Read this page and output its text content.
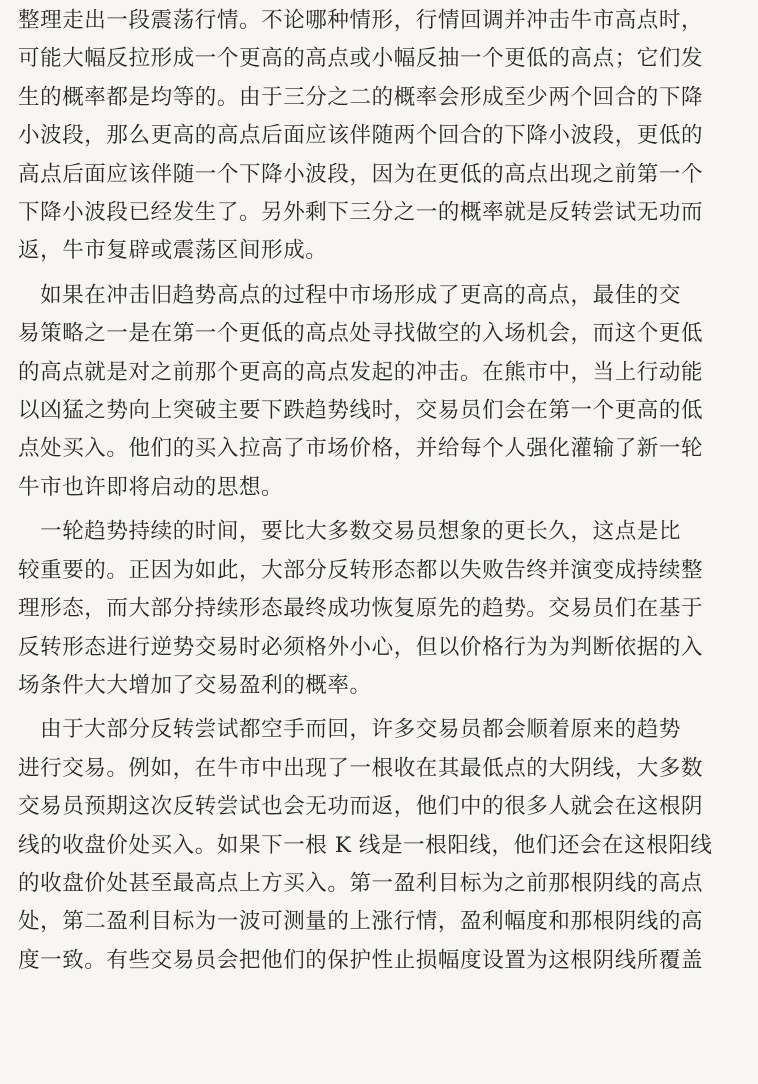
整理走出一段震荡行情。不论哪种情形，行情回调并冲击牛市高点时，
可能大幅反拉形成一个更高的高点或小幅反抽一个更低的高点；它们发
生的概率都是均等的。由于三分之二的概率会形成至少两个回合的下降
小波段，那么更高的高点后面应该伴随两个回合的下降小波段，更低的
高点后面应该伴随一个下降小波段，因为在更低的高点出现之前第一个
下降小波段已经发生了。另外剩下三分之一的概率就是反转尝试无功而
返，牛市复辟或震荡区间形成。
　如果在冲击旧趋势高点的过程中市场形成了更高的高点，最佳的交
易策略之一是在第一个更低的高点处寻找做空的入场机会，而这个更低
的高点就是对之前那个更高的高点发起的冲击。在熊市中，当上行动能
以凶猛之势向上突破主要下跌趋势线时，交易员们会在第一个更高的低
点处买入。他们的买入拉高了市场价格，并给每个人强化灌输了新一轮
牛市也许即将启动的思想。
　一轮趋势持续的时间，要比大多数交易员想象的更长久，这点是比
较重要的。正因为如此，大部分反转形态都以失败告终并演变成持续整
理形态，而大部分持续形态最终成功恢复原先的趋势。交易员们在基于
反转形态进行逆势交易时必须格外小心，但以价格行为为判断依据的入
场条件大大增加了交易盈利的概率。
　由于大部分反转尝试都空手而回，许多交易员都会顺着原来的趋势
进行交易。例如，在牛市中出现了一根收在其最低点的大阴线，大多数
交易员预期这次反转尝试也会无功而返，他们中的很多人就会在这根阴
线的收盘价处买入。如果下一根 K 线是一根阳线，他们还会在这根阳线
的收盘价处甚至最高点上方买入。第一盈利目标为之前那根阴线的高点
处，第二盈利目标为一波可测量的上涨行情，盈利幅度和那根阴线的高
度一致。有些交易员会把他们的保护性止损幅度设置为这根阴线所覆盖
